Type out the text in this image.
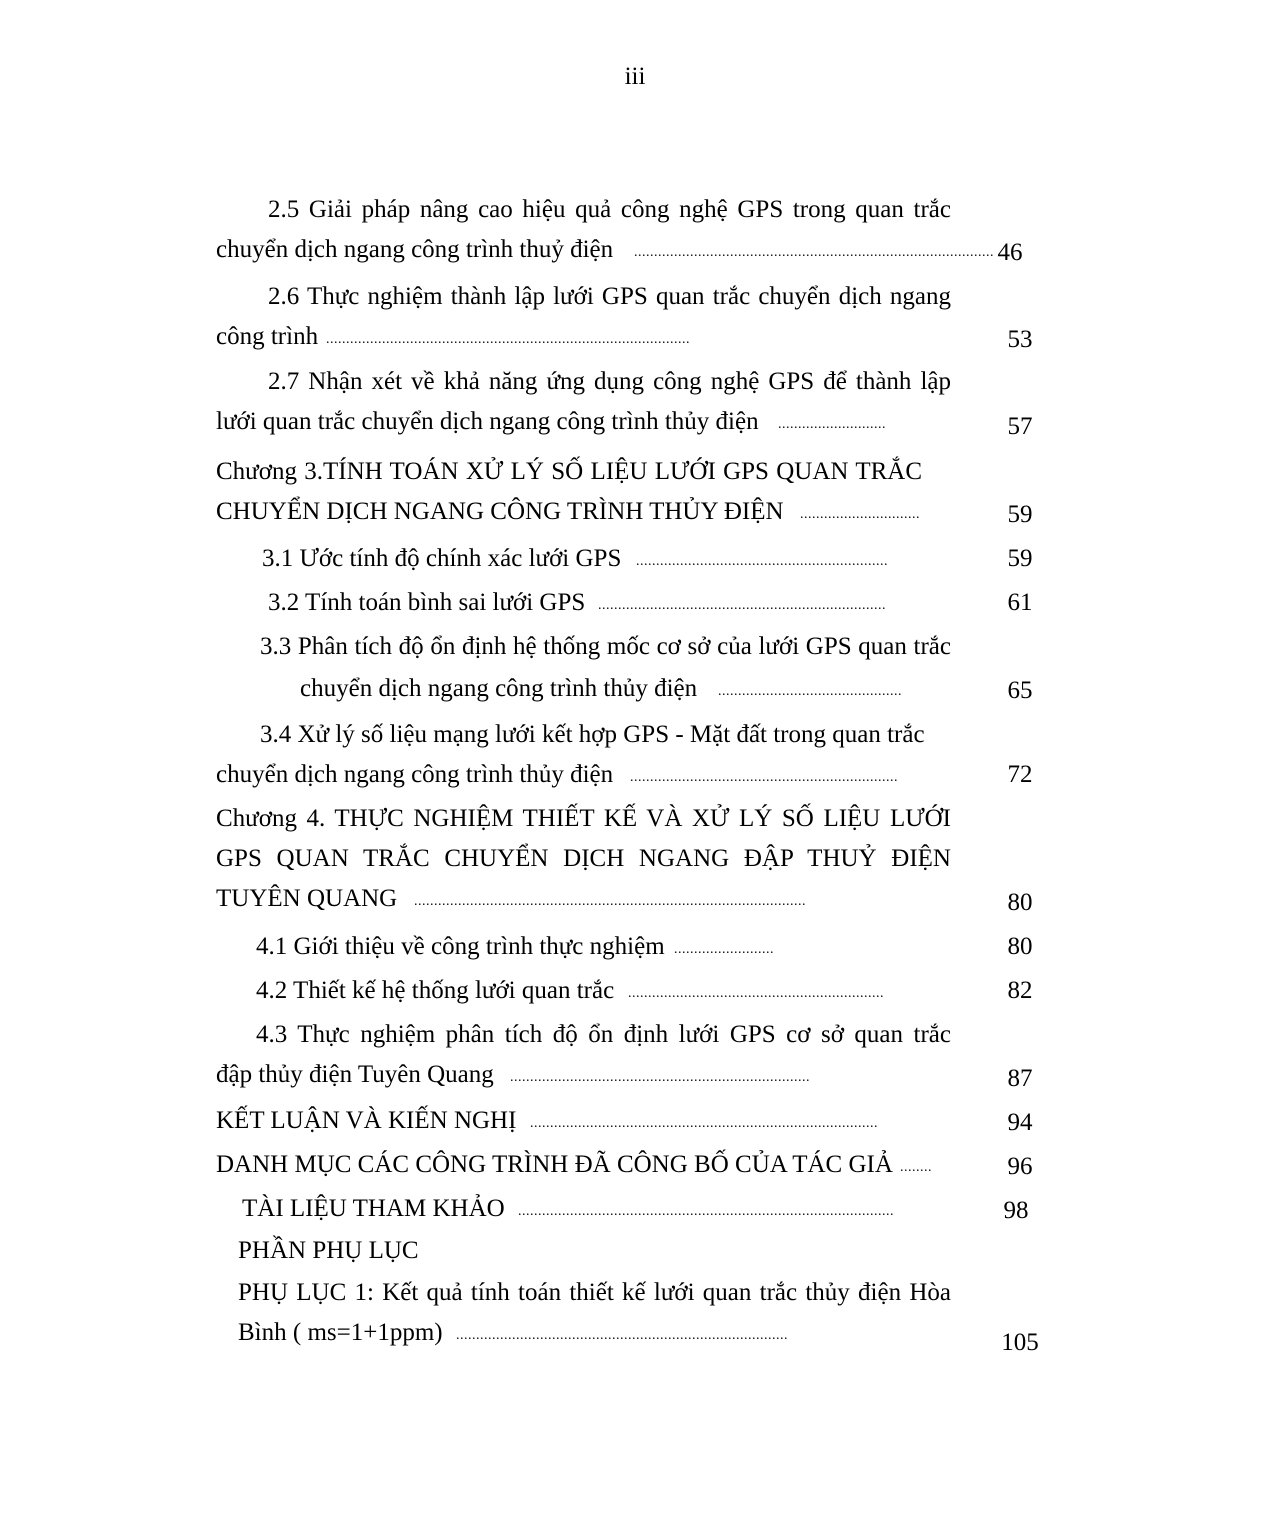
iii
2.5 Giải pháp nâng cao hiệu quả công nghệ GPS trong quan trắc
chuyển dịch ngang công trình thuỷ điện .......................................................................................... 46
2.6 Thực nghiệm thành lập lưới GPS quan trắc chuyển dịch ngang
công trình ...........................................................................................	53
2.7 Nhận xét về khả năng ứng dụng công nghệ GPS để thành lập
lưới quan trắc chuyển dịch ngang công trình thủy điện ...........................	57
Chương 3.TÍNH TOÁN XỬ LÝ SỐ LIỆU LƯỚI GPS QUAN TRẮC
CHUYỂN DỊCH NGANG CÔNG TRÌNH THỦY ĐIỆN ..............................	59
3.1 Ước tính độ chính xác lưới GPS ...............................................................	59
3.2 Tính toán bình sai lưới GPS ........................................................................	61
3.3 Phân tích độ ổn định hệ thống mốc cơ sở của lưới GPS quan trắc
chuyển dịch ngang công trình thủy điện ..............................................	65
3.4 Xử lý số liệu mạng lưới kết hợp GPS - Mặt đất trong quan trắc
chuyển dịch ngang công trình thủy điện ...................................................................	72
Chương 4. THỰC NGHIỆM THIẾT KẾ VÀ XỬ LÝ SỐ LIỆU LƯỚI
GPS QUAN TRẮC CHUYỂN DỊCH NGANG ĐẬP THUỶ ĐIỆN
TUYÊN QUANG ..................................................................................................	80
4.1 Giới thiệu về công trình thực nghiệm .........................	80
4.2 Thiết kế hệ thống lưới quan trắc ................................................................	82
4.3 Thực nghiệm phân tích độ ổn định lưới GPS cơ sở quan trắc
đập thủy điện Tuyên Quang ...........................................................................	87
KẾT LUẬN VÀ KIẾN NGHỊ .......................................................................................	94
DANH MỤC CÁC CÔNG TRÌNH ĐÃ CÔNG BỐ CỦA TÁC GIẢ ........	96
TÀI LIỆU THAM KHẢO ..............................................................................................	98
PHẦN PHỤ LỤC
PHỤ LỤC 1: Kết quả tính toán thiết kế lưới quan trắc thủy điện Hòa
Bình ( ms=1+1ppm) ...................................................................................	105
